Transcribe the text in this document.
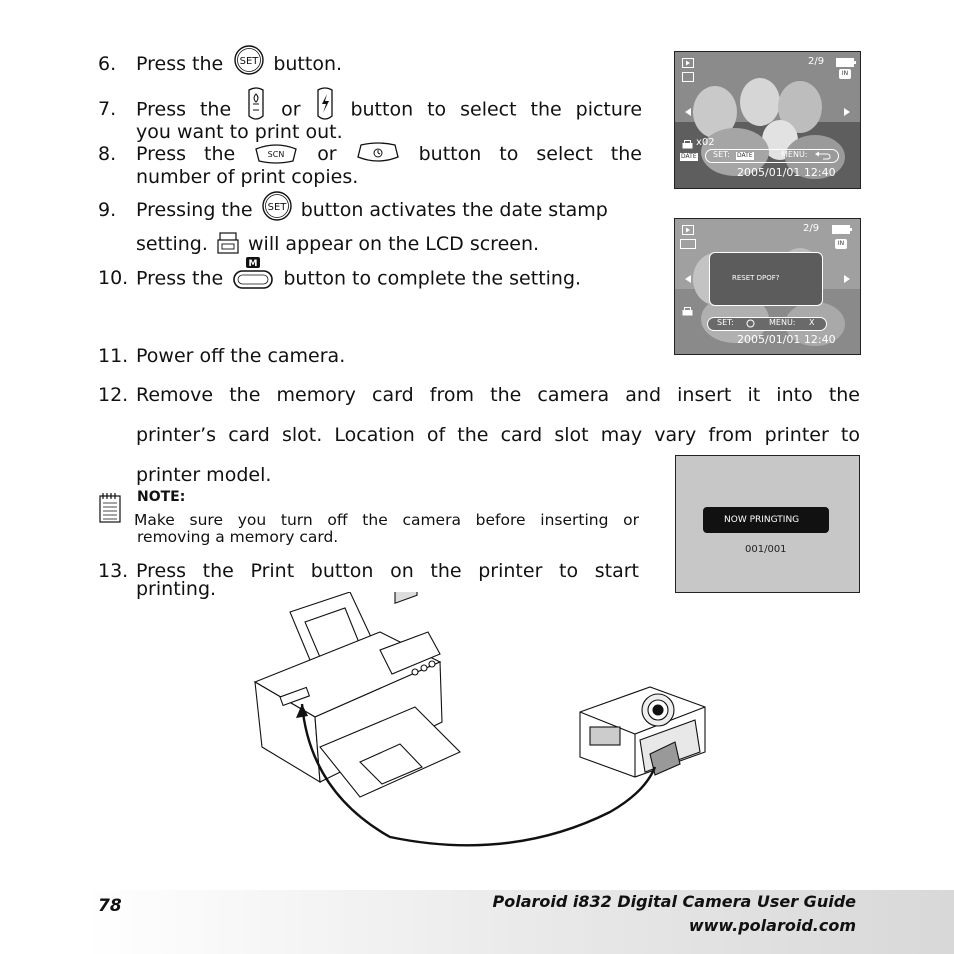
6. Press the SET button.
7. Press the	or	button to select the picture
you want to print out.
8. Press the	SCN or	button to select the
number of print copies.
9. Pressing the SET button activates the date stamp
setting. will appear on the LCD screen.
10. Press the
M
button to complete the setting.
11. Power off the camera.
12. Remove the memory card from the camera and insert it into the
printer’s card slot. Location of the card slot may vary from printer to
printer model.
NOTE:
Make sure you turn off the camera before inserting or
removing a memory card.
13. Press the Print button on the printer to start
printing.
2/9
IN
x02
DATE SET: DATE	MENU:
2005/01/01 12:40
2/9
IN
RESET DPOF?
SET:	MENU: X
2005/01/01 12:40
NOW PRINGTING
001/001
78	Polaroid i832 Digital Camera User Guide
www.polaroid.com
